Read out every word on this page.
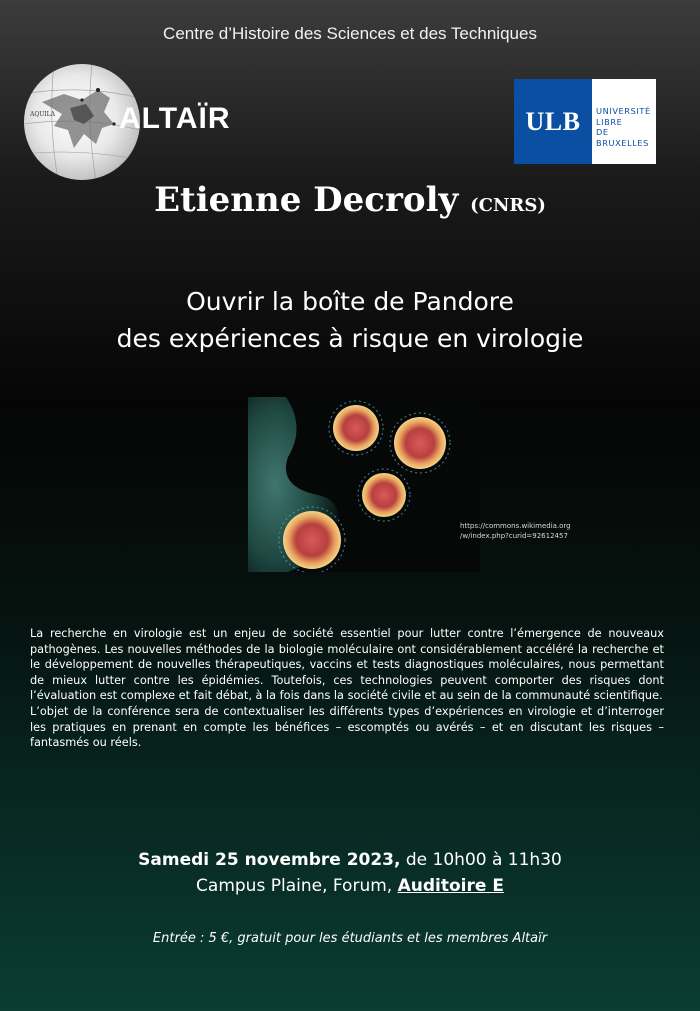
Centre d’Histoire des Sciences et des Techniques
AQUILA ALTAÏR	ULB	UNIVERSITÉ
LIBRE
DE BRUXELLES
Etienne Decroly (CNRS)
Ouvrir la boîte de Pandore
des expériences à risque en virologie
https://commons.wikimedia.org
/w/index.php?curid=92612457

La recherche en virologie est un enjeu de société essentiel pour lutter contre l’émergence de nouveaux pathogènes. Les nouvelles méthodes de la biologie moléculaire ont considérablement accéléré la recherche et le développement de nouvelles thérapeutiques, vaccins et tests diagnostiques moléculaires, nous permettant de mieux lutter contre les épidémies. Toutefois, ces technologies peuvent comporter des risques dont l’évaluation est complexe et fait débat, à la fois dans la société civile et au sein de la communauté scientifique.

L’objet de la conférence sera de contextualiser les différents types d’expériences en virologie et d’interroger les pratiques en prenant en compte les bénéfices – escomptés ou avérés – et en discutant les risques – fantasmés ou réels.

Samedi 25 novembre 2023, de 10h00 à 11h30
Campus Plaine, Forum, Auditoire E
Entrée : 5 €, gratuit pour les étudiants et les membres Altaïr
